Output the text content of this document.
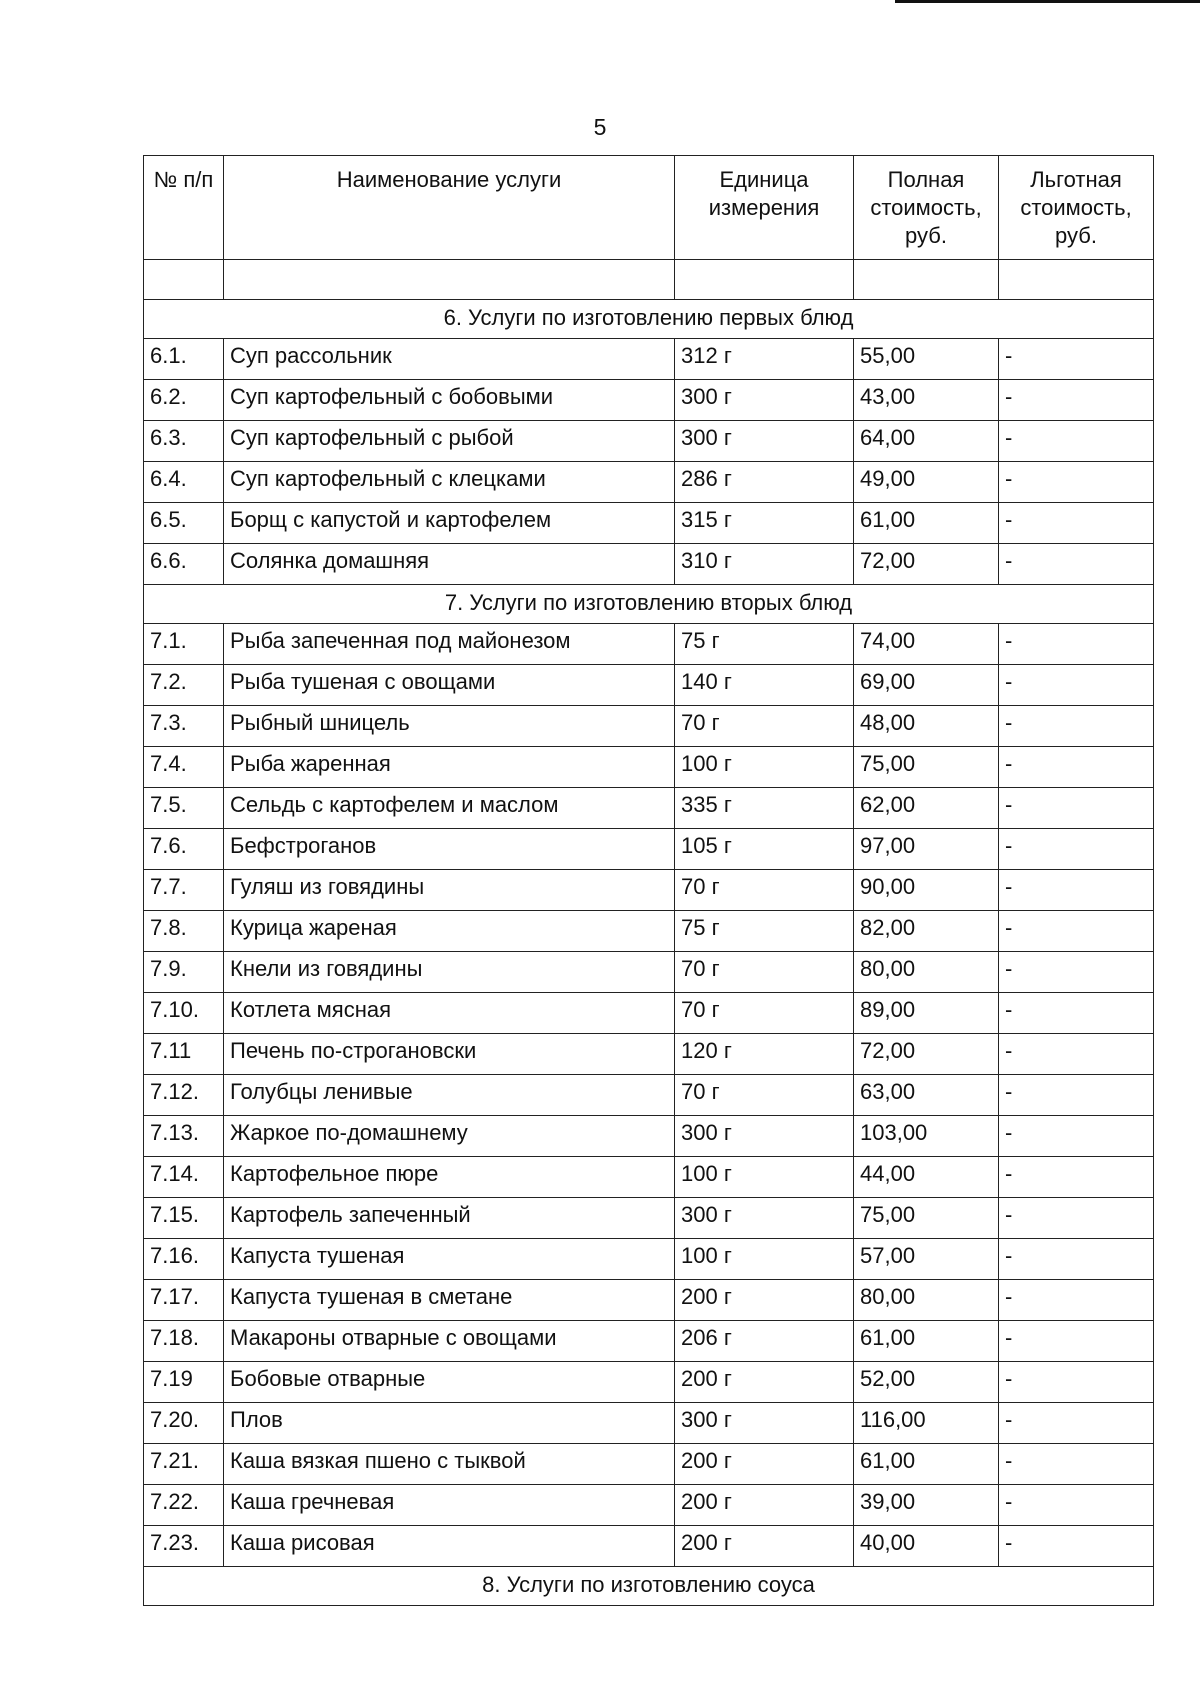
5
№ п/п	Наименование услуги	Единица измерения	Полная стоимость, руб.	Льготная стоимость, руб.

6. Услуги по изготовлению первых блюд				
6.1.	Суп рассольник	312 г	55,00	-
6.2.	Суп картофельный с бобовыми	300 г	43,00	-
6.3.	Суп картофельный с рыбой	300 г	64,00	-
6.4.	Суп картофельный с клецками	286 г	49,00	-
6.5.	Борщ с капустой и картофелем	315 г	61,00	-
6.6.	Солянка домашняя	310 г	72,00	-
7. Услуги по изготовлению вторых блюд				
7.1.	Рыба запеченная под майонезом	75 г	74,00	-
7.2.	Рыба тушеная с овощами	140 г	69,00	-
7.3.	Рыбный шницель	70 г	48,00	-
7.4.	Рыба жаренная	100 г	75,00	-
7.5.	Сельдь с картофелем и маслом	335 г	62,00	-
7.6.	Бефстроганов	105 г	97,00	-
7.7.	Гуляш из говядины	70 г	90,00	-
7.8.	Курица жареная	75 г	82,00	-
7.9.	Кнели из говядины	70 г	80,00	-
7.10.	Котлета мясная	70 г	89,00	-
7.11	Печень по-строгановски	120 г	72,00	-
7.12.	Голубцы ленивые	70 г	63,00	-
7.13.	Жаркое по-домашнему	300 г	103,00	-
7.14.	Картофельное пюре	100 г	44,00	-
7.15.	Картофель запеченный	300 г	75,00	-
7.16.	Капуста тушеная	100 г	57,00	-
7.17.	Капуста тушеная в сметане	200 г	80,00	-
7.18.	Макароны отварные с овощами	206 г	61,00	-
7.19	Бобовые отварные	200 г	52,00	-
7.20.	Плов	300 г	116,00	-
7.21.	Каша вязкая пшено с тыквой	200 г	61,00	-
7.22.	Каша гречневая	200 г	39,00	-
7.23.	Каша рисовая	200 г	40,00	-
8. Услуги по изготовлению соуса				
